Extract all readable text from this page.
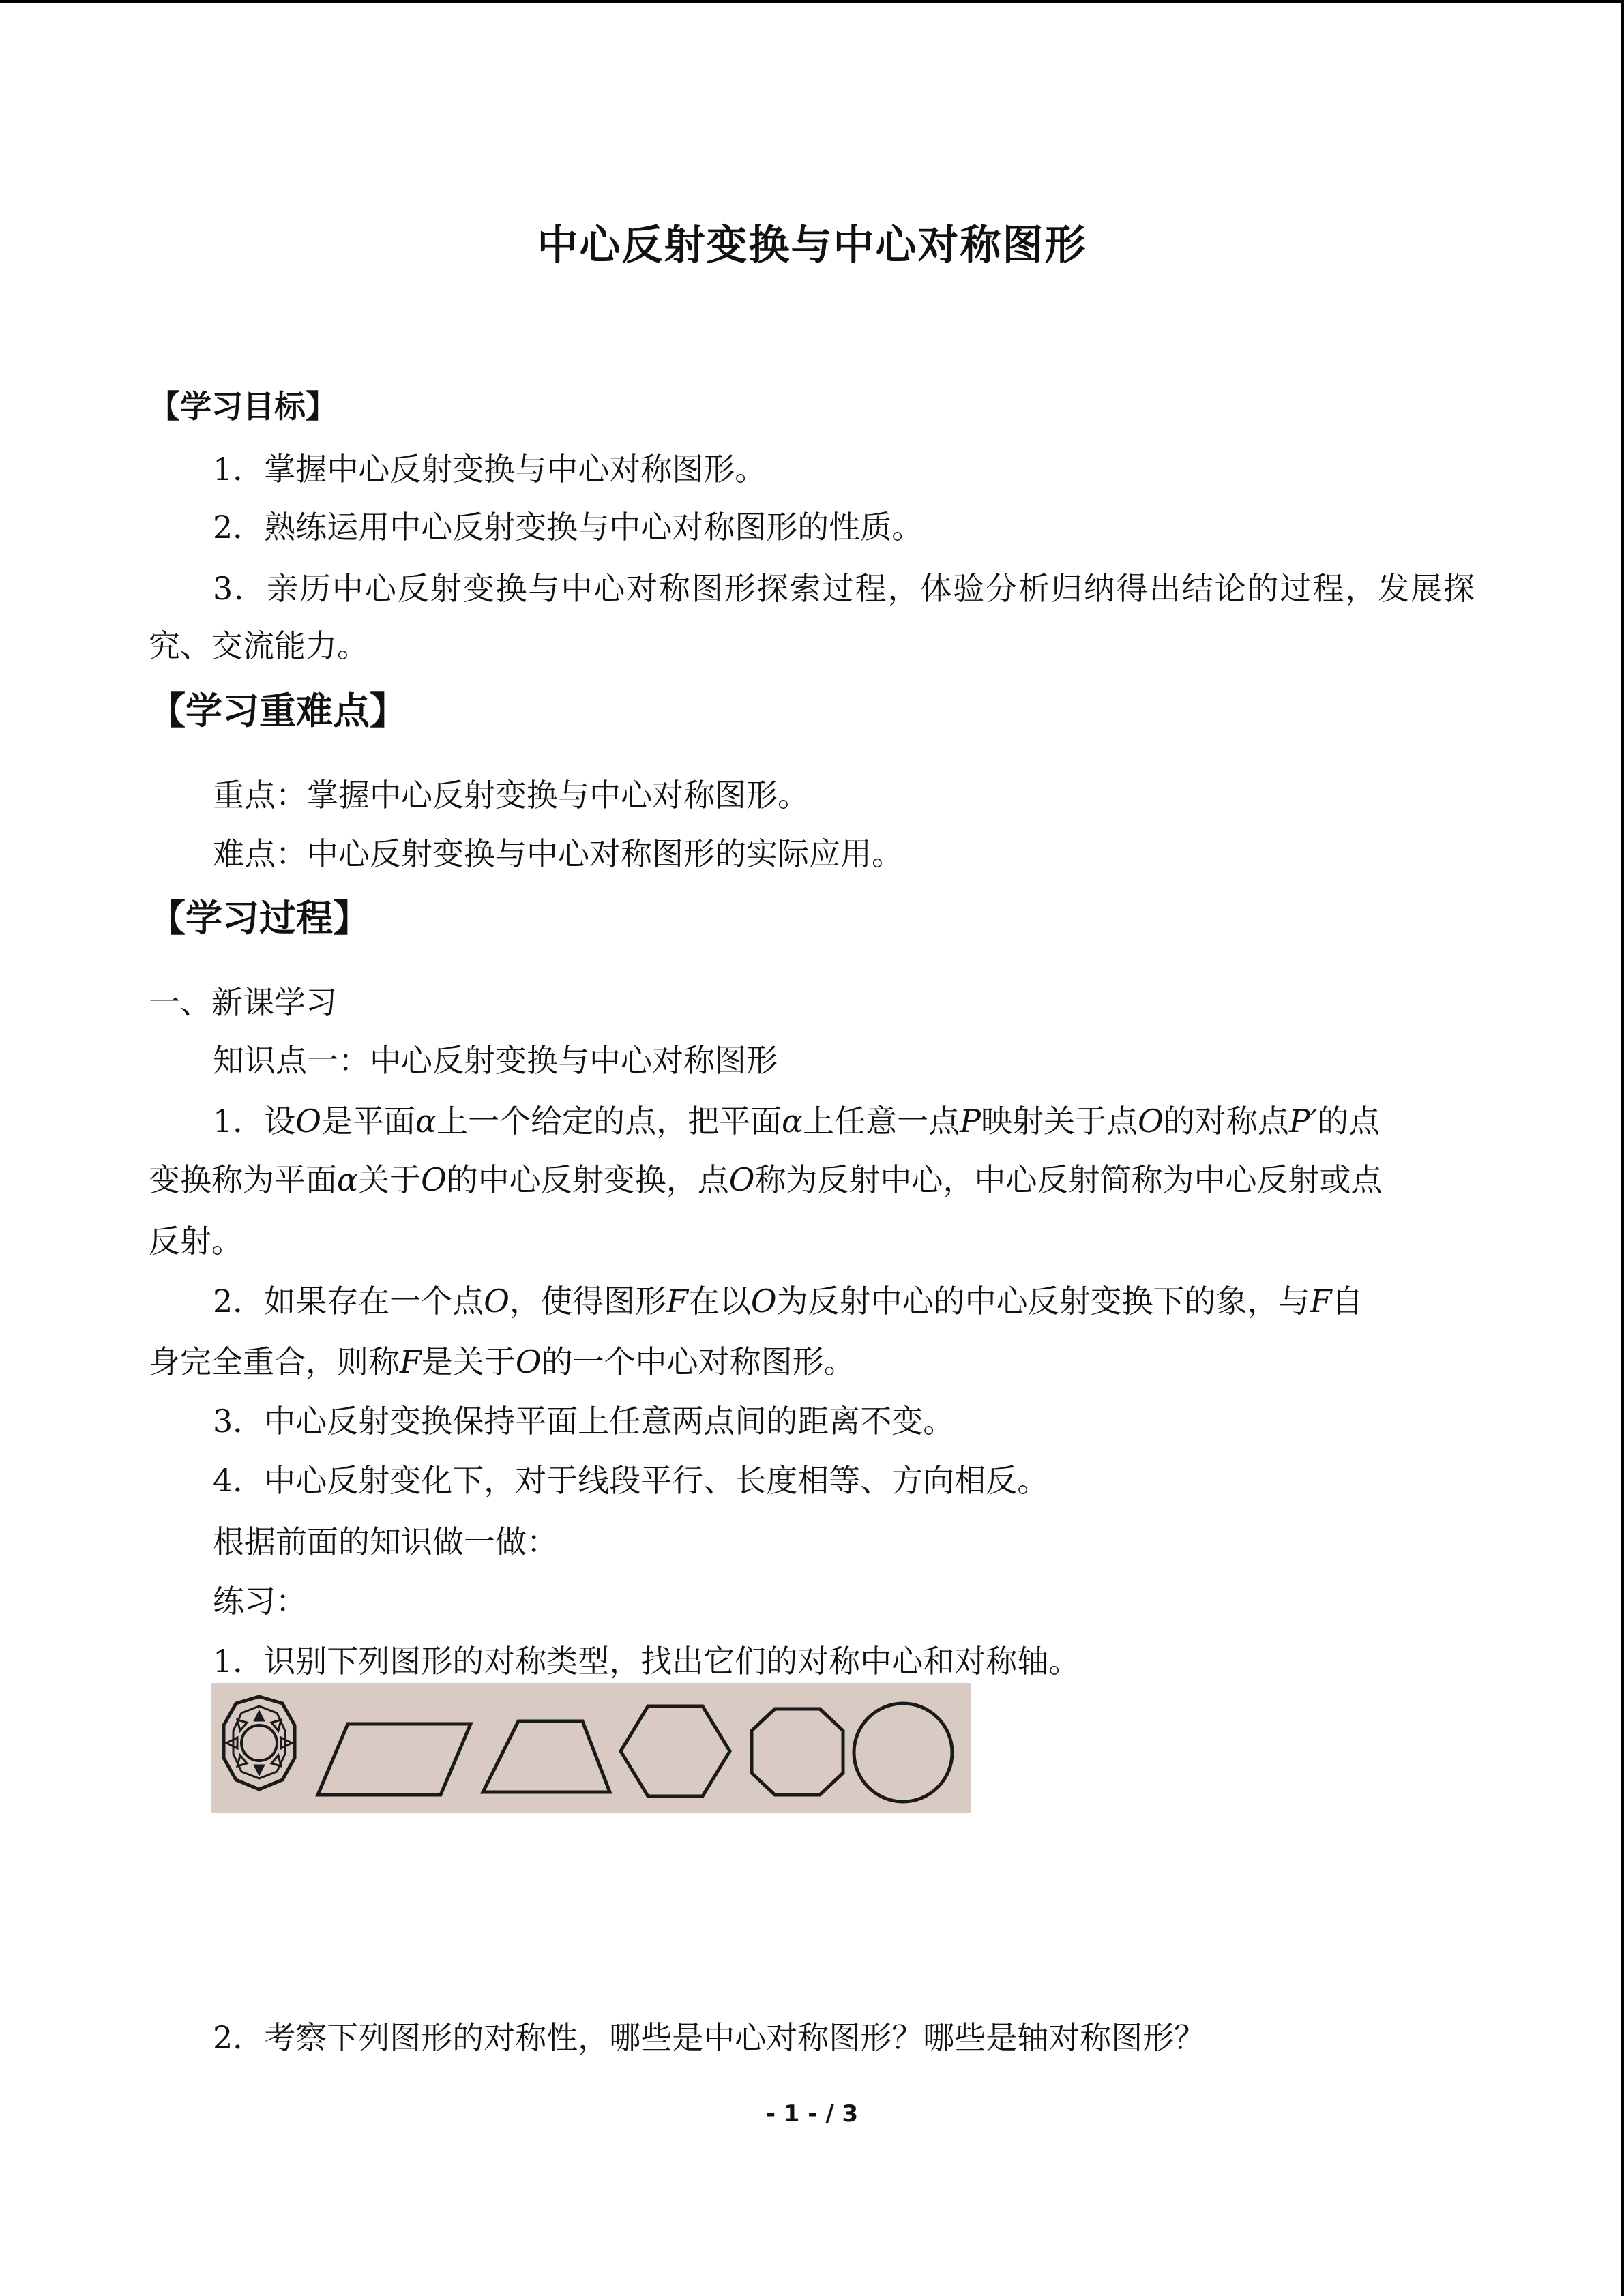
中心反射变换与中心对称图形
【学习目标】
1．掌握中心反射变换与中心对称图形。
2．熟练运用中心反射变换与中心对称图形的性质。
3．亲历中心反射变换与中心对称图形探索过程，体验分析归纳得出结论的过程，发展探
究、交流能力。
【学习重难点】
重点：掌握中心反射变换与中心对称图形。
难点：中心反射变换与中心对称图形的实际应用。
【学习过程】
一、新课学习
知识点一：中心反射变换与中心对称图形
1．设O是平面α上一个给定的点，把平面α上任意一点P映射关于点O的对称点P′的点
变换称为平面α关于O的中心反射变换，点O称为反射中心，中心反射简称为中心反射或点
反射。
2．如果存在一个点O，使得图形F在以O为反射中心的中心反射变换下的象，与F自
身完全重合，则称F是关于O的一个中心对称图形。
3．中心反射变换保持平面上任意两点间的距离不变。
4．中心反射变化下，对于线段平行、长度相等、方向相反。
根据前面的知识做一做：
练习：
1．识别下列图形的对称类型，找出它们的对称中心和对称轴。
2．考察下列图形的对称性，哪些是中心对称图形？哪些是轴对称图形？
- 1 - / 3
